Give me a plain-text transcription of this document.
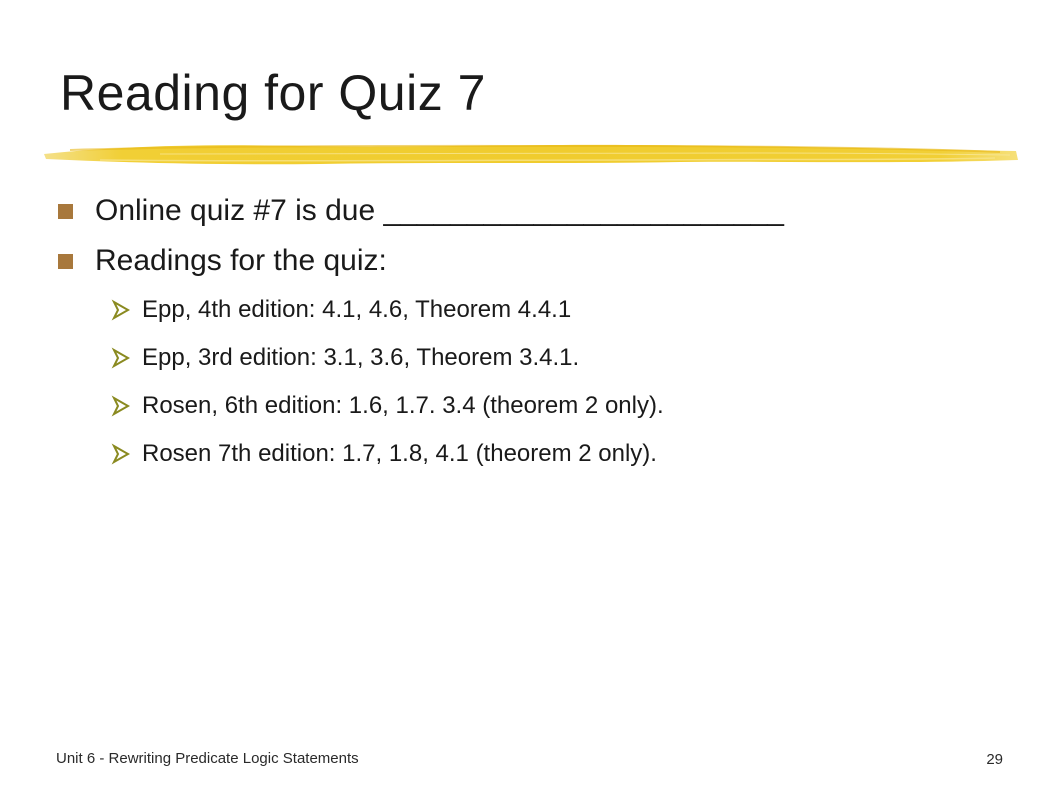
Reading for Quiz 7
Online quiz #7 is due ________________________
Readings for the quiz:
Epp, 4th edition: 4.1, 4.6, Theorem 4.4.1
Epp, 3rd edition: 3.1, 3.6, Theorem 3.4.1.
Rosen, 6th edition: 1.6, 1.7. 3.4 (theorem 2 only).
Rosen 7th edition: 1.7, 1.8, 4.1 (theorem 2 only).
Unit 6 - Rewriting Predicate Logic Statements	29
